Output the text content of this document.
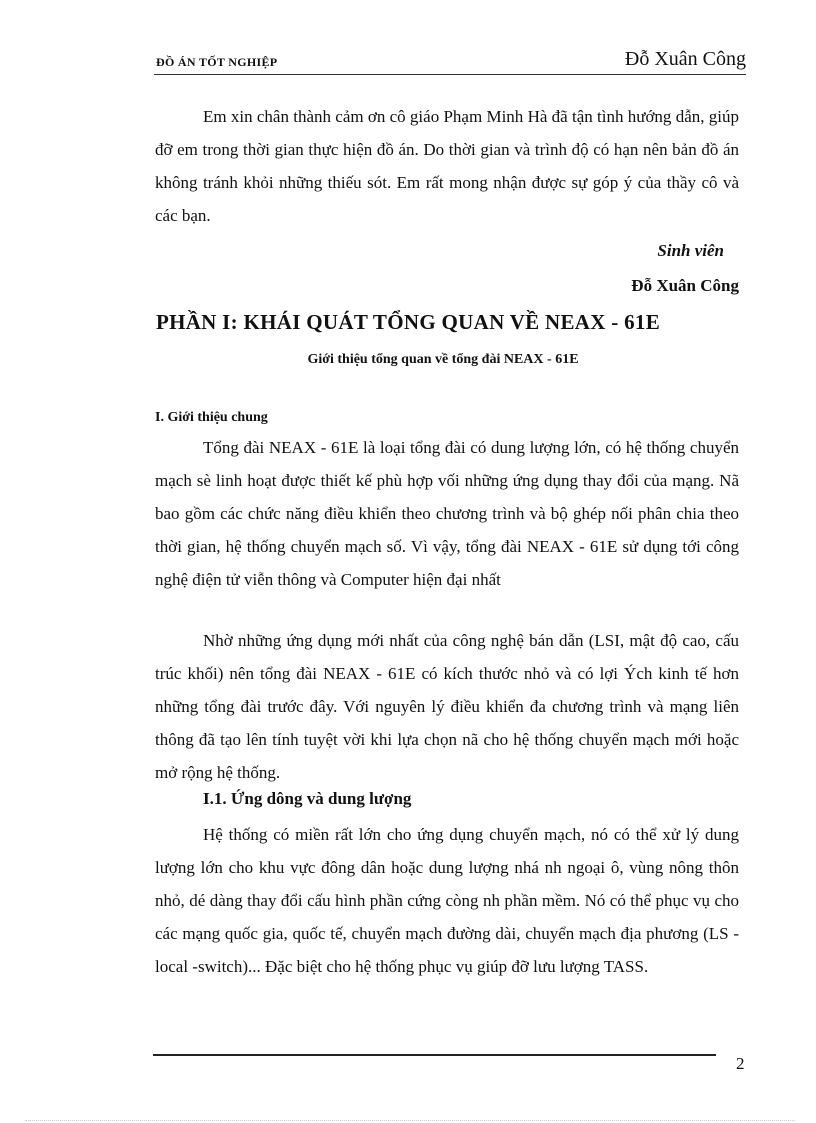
ĐỒ ÁN TỐT NGHIỆP	Đỗ Xuân Công

Em xin chân thành cảm ơn cô giáo Phạm Minh Hà đã tận tình hướng dẫn, giúp đỡ em trong thời gian thực hiện đồ án. Do thời gian và trình độ có hạn nên bản đồ án không tránh khỏi những thiếu sót. Em rất mong nhận được sự góp ý của thầy cô và các bạn.

Sinh viên
Đỗ Xuân Công
PHẦN I: KHÁI QUÁT TỔNG QUAN VỀ NEAX - 61E
Giới thiệu tổng quan về tổng đài NEAX - 61E
I. Giới thiệu chung

Tổng đài NEAX - 61E là loại tổng đài có dung lượng lớn, có hệ thống chuyển mạch sè linh hoạt được thiết kế phù hợp vối những ứng dụng thay đổi của mạng. Nã bao gồm các chức năng điều khiển theo chương trình và bộ ghép nối phân chia theo thời gian, hệ thống chuyển mạch số. Vì vậy, tổng đài NEAX - 61E sử dụng tới công nghệ điện tử viễn thông và Computer hiện đại nhất

Nhờ những ứng dụng mới nhất của công nghệ bán dẫn (LSI, mật độ cao, cấu trúc khối) nên tổng đài NEAX - 61E có kích thước nhỏ và có lợi Ých kinh tế hơn những tổng đài trước đây. Với nguyên lý điều khiển đa chương trình và mạng liên thông đã tạo lên tính tuyệt vời khi lựa chọn nã cho hệ thống chuyển mạch mới hoặc mở rộng hệ thống.

I.1. Ứng dông và dung lượng

Hệ thống có miền rất lớn cho ứng dụng chuyển mạch, nó có thể xử lý dung lượng lớn cho khu vực đông dân hoặc dung lượng nhá nh ngoại ô, vùng nông thôn nhỏ, dé dàng thay đổi cấu hình phần cứng còng nh phần mềm. Nó có thể phục vụ cho các mạng quốc gia, quốc tế, chuyển mạch đường dài, chuyển mạch địa phương (LS - local -switch)... Đặc biệt cho hệ thống phục vụ giúp đỡ lưu lượng TASS.

2
